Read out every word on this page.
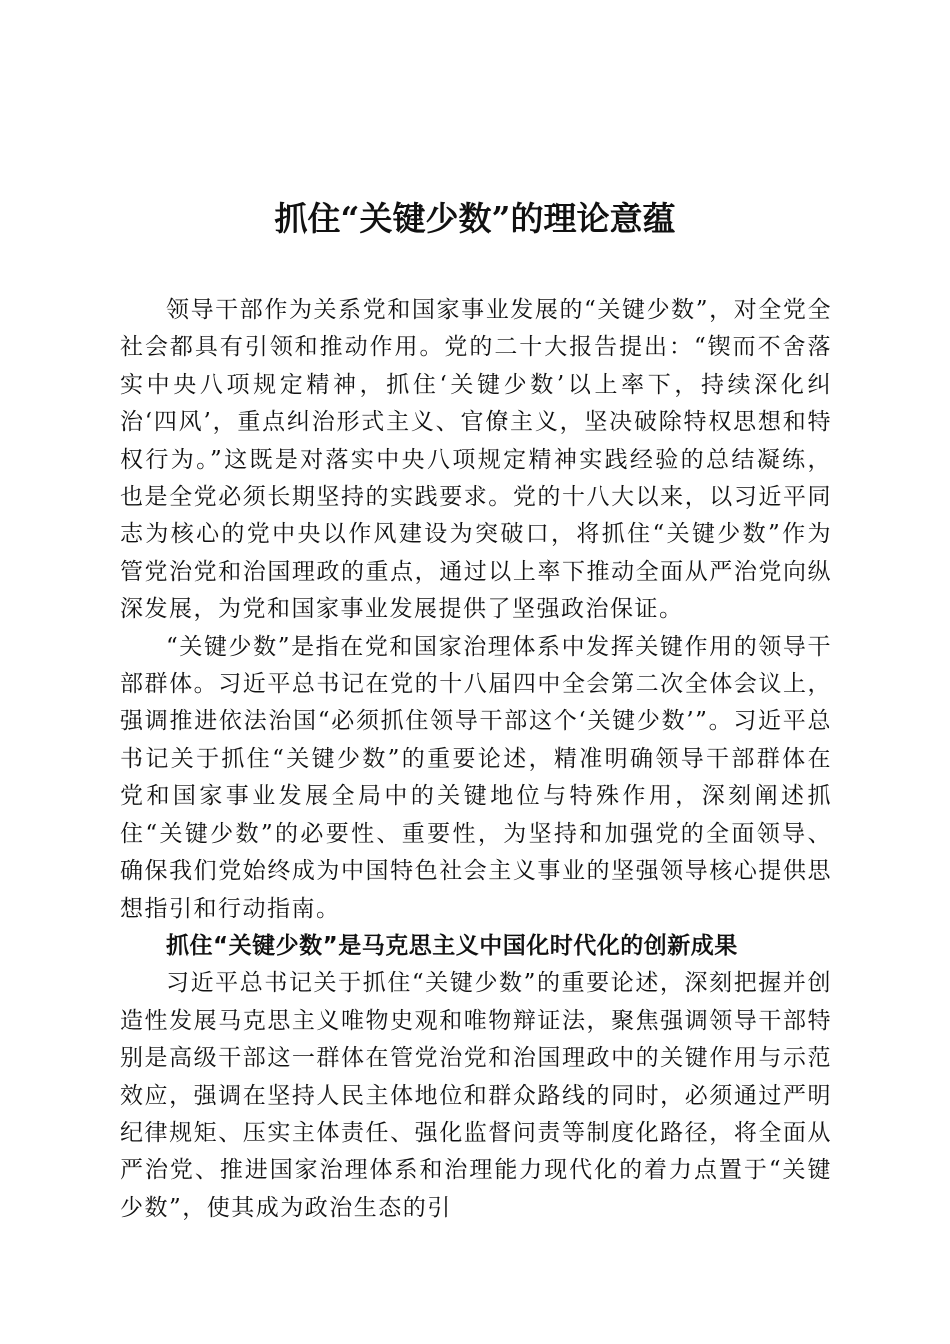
抓住“关键少数”的理论意蕴

领导干部作为关系党和国家事业发展的“关键少数”，对全党全社会都具有引领和推动作用。党的二十大报告提出：“锲而不舍落实中央八项规定精神，抓住‘关键少数’以上率下，持续深化纠治‘四风’，重点纠治形式主义、官僚主义，坚决破除特权思想和特权行为。”这既是对落实中央八项规定精神实践经验的总结凝练，也是全党必须长期坚持的实践要求。党的十八大以来，以习近平同志为核心的党中央以作风建设为突破口，将抓住“关键少数”作为管党治党和治国理政的重点，通过以上率下推动全面从严治党向纵深发展，为党和国家事业发展提供了坚强政治保证。

“关键少数”是指在党和国家治理体系中发挥关键作用的领导干部群体。习近平总书记在党的十八届四中全会第二次全体会议上，强调推进依法治国“必须抓住领导干部这个‘关键少数’”。习近平总书记关于抓住“关键少数”的重要论述，精准明确领导干部群体在党和国家事业发展全局中的关键地位与特殊作用，深刻阐述抓住“关键少数”的必要性、重要性，为坚持和加强党的全面领导、确保我们党始终成为中国特色社会主义事业的坚强领导核心提供思想指引和行动指南。

抓住“关键少数”是马克思主义中国化时代化的创新成果

习近平总书记关于抓住“关键少数”的重要论述，深刻把握并创造性发展马克思主义唯物史观和唯物辩证法，聚焦强调领导干部特别是高级干部这一群体在管党治党和治国理政中的关键作用与示范效应，强调在坚持人民主体地位和群众路线的同时，必须通过严明纪律规矩、压实主体责任、强化监督问责等制度化路径，将全面从严治党、推进国家治理体系和治理能力现代化的着力点置于“关键少数”，使其成为政治生态的引
